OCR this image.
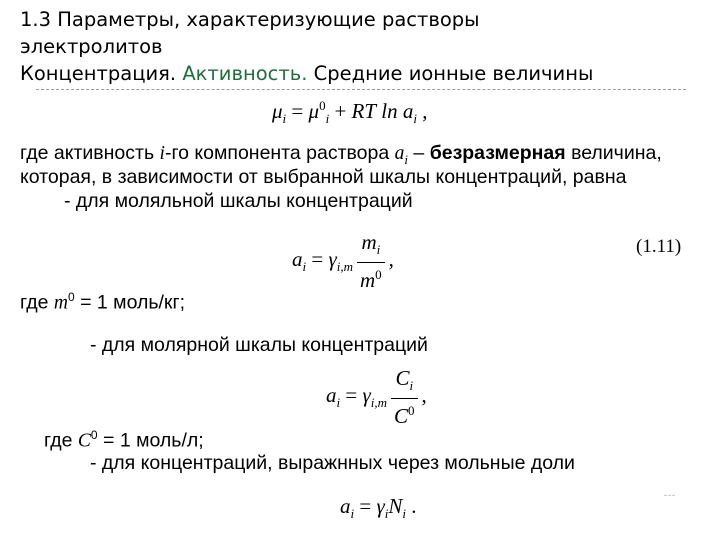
1.3 Параметры, характеризующие растворы
электролитов
Концентрация. Активность. Средние ионные величины
$\mu_i = \mu^0_i$ + RT $\ln a_i$ ,
где активность i-го компонента раствора $a_i$ – безразмерная величина,
которая, в зависимости от выбранной шкалы концентраций, равна
- для моляльной шкалы концентраций
$a_i = \gamma_{i,m} \frac{m_i}{m^0}$ ,
(1.11)
где $m^0 = 1$ моль/кг;
- для молярной шкалы концентраций
$a_i = \gamma_{i,m} \frac{C_i}{C^0}$ ,
где $C^0 = 1$ моль/л;
- для концентраций, выражнных через мольные доли
$a_i = \gamma_iN_i$ .	---
